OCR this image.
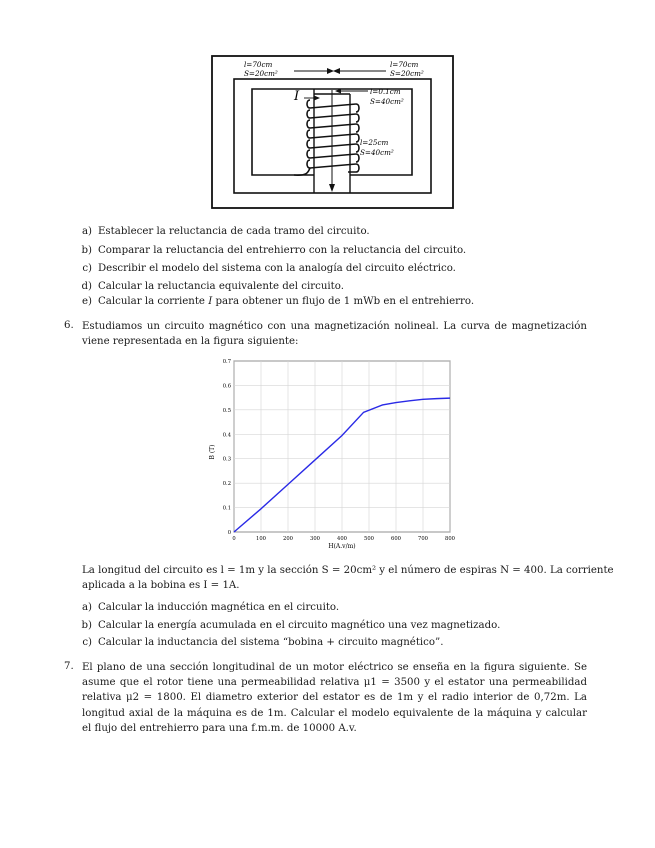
l=70cm
S=20cm²
l=70cm
S=20cm²
l=0.1cm
S=40cm²
l=25cm
S=40cm²
I
a) Establecer la reluctancia de cada tramo del circuito.
b) Comparar la reluctancia del entrehierro con la reluctancia del circuito.
c) Describir el modelo del sistema con la analogía del circuito eléctrico.
d) Calcular la reluctancia equivalente del circuito.
e) Calcular la corriente I para obtener un flujo de 1 mWb en el entrehierro.
6. Estudiamos un circuito magnético con una magnetización nolineal. La curva de magnetización viene representada en la figura siguiente:
0	100	200	300	400	500	600	700	800
0
0.1
0.2
0.3
0.4
0.5
0.6
0.7
B (T)
H(A.v/m)
La longitud del circuito es l = 1m y la sección S = 20cm² y el número de espiras N = 400. La corriente
aplicada a la bobina es I = 1A.
a) Calcular la inducción magnética en el circuito.
b) Calcular la energía acumulada en el circuito magnético una vez magnetizado.
c) Calcular la inductancia del sistema “bobina + circuito magnético”.
7. El plano de una sección longitudinal de un motor eléctrico se enseña en la figura siguiente. Se asume que el rotor tiene una permeabilidad relativa μ1 = 3500 y el estator una permeabilidad relativa μ2 = 1800. El diametro exterior del estator es de 1m y el radio interior de 0,72m. La longitud axial de la máquina es de 1m. Calcular el modelo equivalente de la máquina y calcular el flujo del entrehierro para una f.m.m. de 10000 A.v.
